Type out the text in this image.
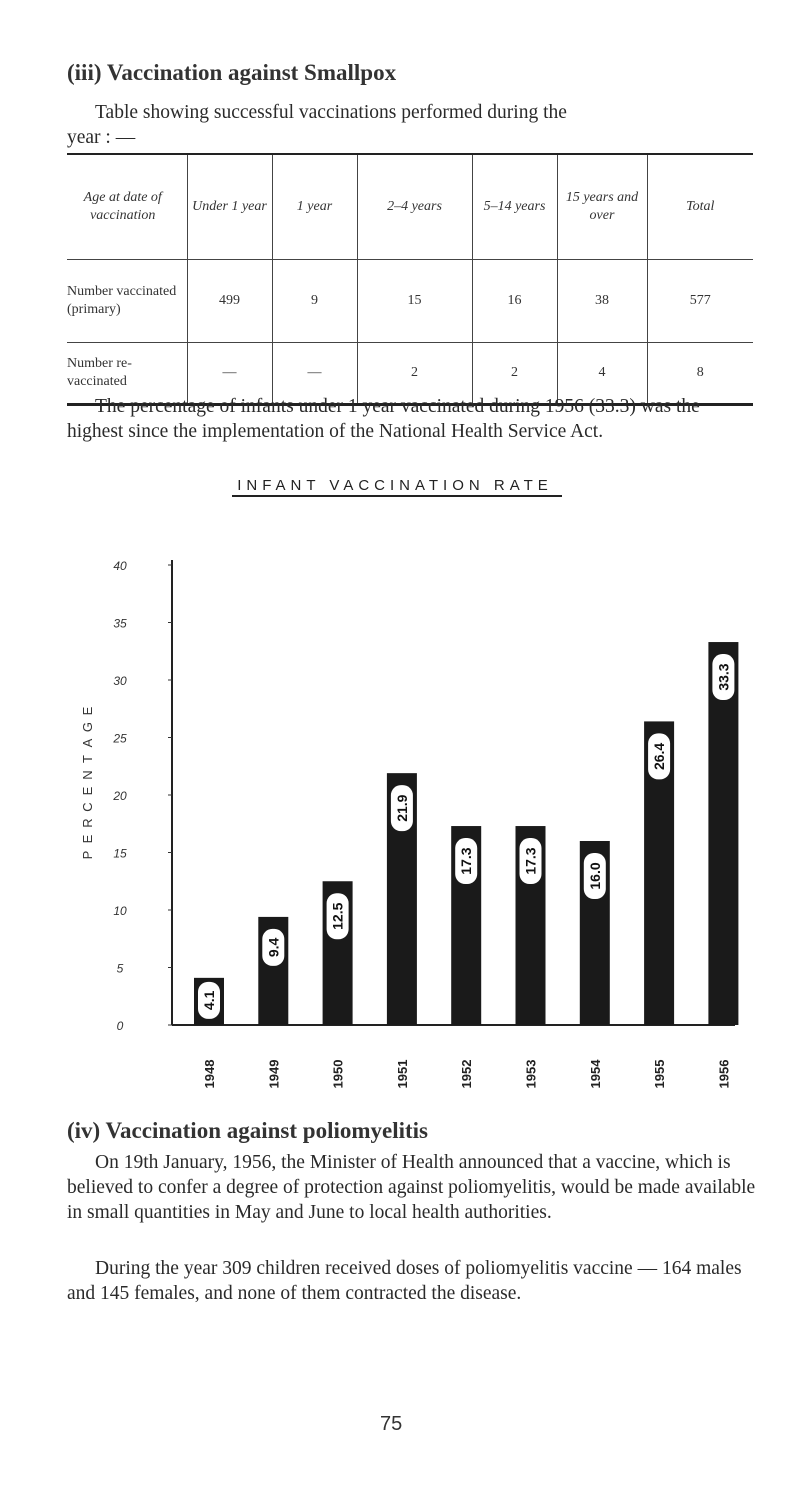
(iii) Vaccination against Smallpox

Table showing successful vaccinations performed during the
year : —

Age at date of vaccination	Under 1 year	1 year	2–4 years	5–14 years	15 years and over	Total
Number vaccinated (primary)	499	9	15	16	38	577
Number re-vaccinated	—	—	2	2	4	8

The percentage of infants under 1 year vaccinated during 1956 (33.3) was the highest since the implementation of the National Health Service Act.

INFANT VACCINATION RATE
E
G
A
T
N
E
C
R
E
P
0
5
10
15
20
25
30
35
40
4.1
9.4
12.5
21.9
17.3	17.3
16.0
26.4
33.3
1948	1949	1950	1951	1952	1953	1954	1955	1956
(iv) Vaccination against poliomyelitis

On 19th January, 1956, the Minister of Health announced that a vaccine, which is believed to confer a degree of protection against poliomyelitis, would be made available in small quantities in May and June to local health authorities.

During the year 309 children received doses of poliomyelitis vaccine — 164 males and 145 females, and none of them contracted the disease.

75
